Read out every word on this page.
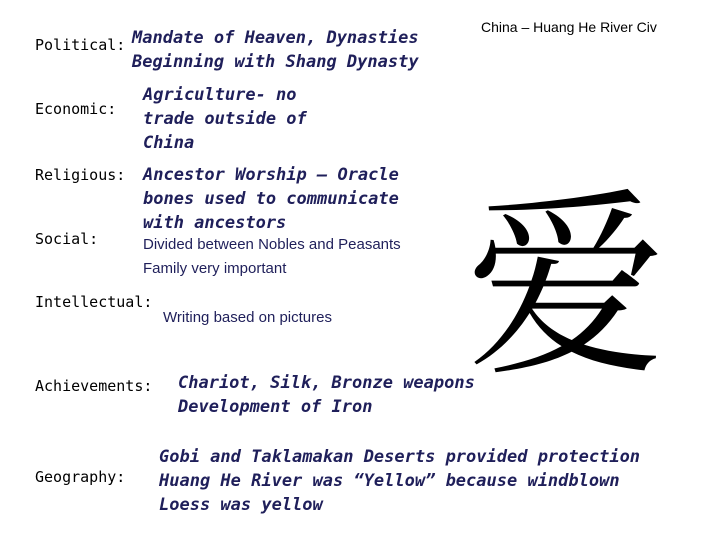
China – Huang He River Civ
Political: Mandate of Heaven, Dynasties
Beginning with Shang Dynasty
Economic:
Agriculture- no
trade outside of
China
Religious: Ancestor Worship – Oracle
bones used to communicate
with ancestors
Social:	Divided between Nobles and Peasants
Family very important
Intellectual:
Writing based on pictures 爱
Achievements: Chariot, Silk, Bronze weapons
Development of Iron
Geography:
Gobi and Taklamakan Deserts provided protection
Huang He River was “Yellow” because windblown
Loess was yellow
